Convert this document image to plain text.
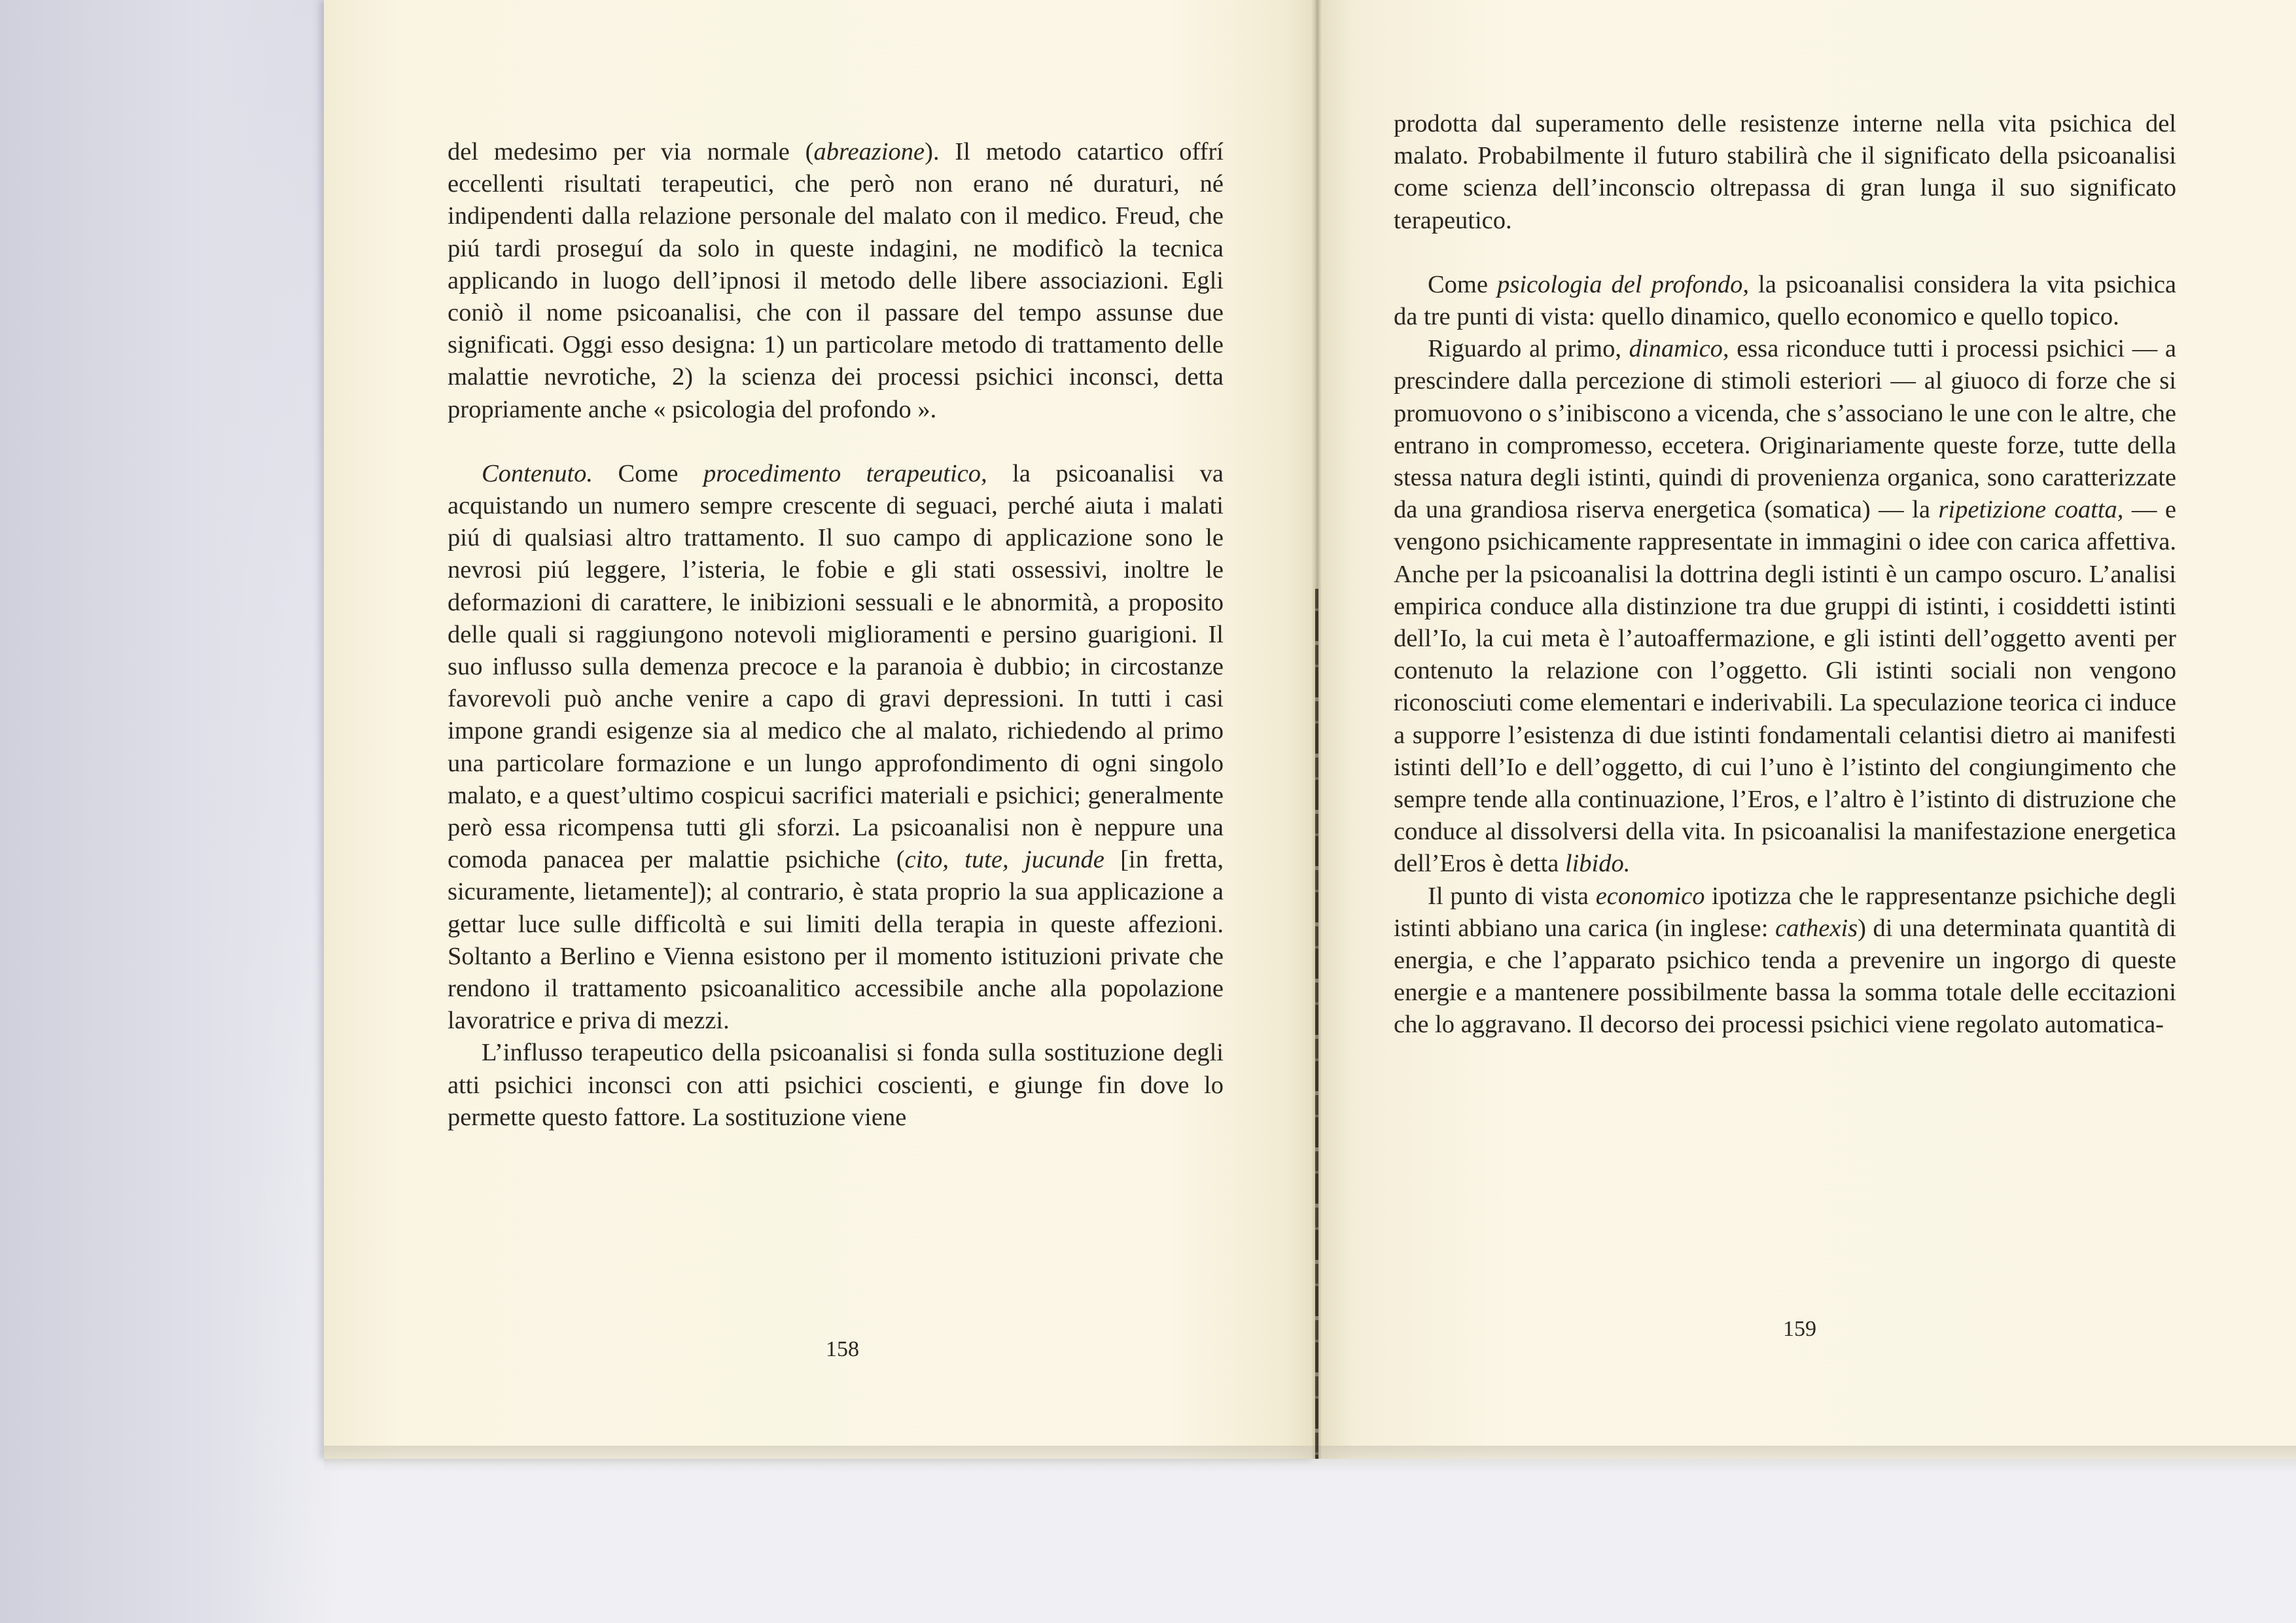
del medesimo per via normale (abreazione). Il metodo catartico offrí eccellenti risultati terapeutici, che però non erano né duraturi, né indipendenti dalla relazione personale del malato con il medico. Freud, che piú tardi proseguí da solo in queste indagini, ne modificò la tecnica applicando in luogo dell’ipnosi il metodo delle libere associazioni. Egli coniò il nome psicoanalisi, che con il passare del tempo assunse due significati. Oggi esso designa: 1) un particolare metodo di trattamento delle malattie nevrotiche, 2) la scienza dei processi psichici inconsci, detta propriamente anche « psicologia del profondo ».

Contenuto. Come procedimento terapeutico, la psicoanalisi va acquistando un numero sempre crescente di seguaci, perché aiuta i malati piú di qualsiasi altro trattamento. Il suo campo di applicazione sono le nevrosi piú leggere, l’isteria, le fobie e gli stati ossessivi, inoltre le deformazioni di carattere, le inibizioni sessuali e le abnormità, a proposito delle quali si raggiungono notevoli miglioramenti e persino guarigioni. Il suo influsso sulla demenza precoce e la paranoia è dubbio; in circostanze favorevoli può anche venire a capo di gravi depressioni. In tutti i casi impone grandi esigenze sia al medico che al malato, richiedendo al primo una particolare formazione e un lungo approfondimento di ogni singolo malato, e a quest’ultimo cospicui sacrifici materiali e psichici; generalmente però essa ricompensa tutti gli sforzi. La psicoanalisi non è neppure una comoda panacea per malattie psichiche (cito, tute, jucunde [in fretta, sicuramente, lietamente]); al contrario, è stata proprio la sua applicazione a gettar luce sulle difficoltà e sui limiti della terapia in queste affezioni. Soltanto a Berlino e Vienna esistono per il momento istituzioni private che rendono il trattamento psicoanalitico accessibile anche alla popolazione lavoratrice e priva di mezzi.

L’influsso terapeutico della psicoanalisi si fonda sulla sostituzione degli atti psichici inconsci con atti psichici coscienti, e giunge fin dove lo permette questo fattore. La sostituzione viene

158

prodotta dal superamento delle resistenze interne nella vita psichica del malato. Probabilmente il futuro stabilirà che il significato della psicoanalisi come scienza dell’inconscio oltrepassa di gran lunga il suo significato terapeutico.

Come psicologia del profondo, la psicoanalisi considera la vita psichica da tre punti di vista: quello dinamico, quello economico e quello topico.

Riguardo al primo, dinamico, essa riconduce tutti i processi psichici — a prescindere dalla percezione di stimoli esteriori — al giuoco di forze che si promuovono o s’inibiscono a vicenda, che s’associano le une con le altre, che entrano in compromesso, eccetera. Originariamente queste forze, tutte della stessa natura degli istinti, quindi di provenienza organica, sono caratterizzate da una grandiosa riserva energetica (somatica) — la ripetizione coatta, — e vengono psichicamente rappresentate in immagini o idee con carica affettiva. Anche per la psicoanalisi la dottrina degli istinti è un campo oscuro. L’analisi empirica conduce alla distinzione tra due gruppi di istinti, i cosiddetti istinti dell’Io, la cui meta è l’autoaffermazione, e gli istinti dell’oggetto aventi per contenuto la relazione con l’oggetto. Gli istinti sociali non vengono riconosciuti come elementari e inderivabili. La speculazione teorica ci induce a supporre l’esistenza di due istinti fondamentali celantisi dietro ai manifesti istinti dell’Io e dell’oggetto, di cui l’uno è l’istinto del congiungimento che sempre tende alla continuazione, l’Eros, e l’altro è l’istinto di distruzione che conduce al dissolversi della vita. In psicoanalisi la manifestazione energetica dell’Eros è detta libido.

Il punto di vista economico ipotizza che le rappresentanze psichiche degli istinti abbiano una carica (in inglese: cathexis) di una determinata quantità di energia, e che l’apparato psichico tenda a prevenire un ingorgo di queste energie e a mantenere possibilmente bassa la somma totale delle eccitazioni che lo aggravano. Il decorso dei processi psichici viene regolato automatica-

159
